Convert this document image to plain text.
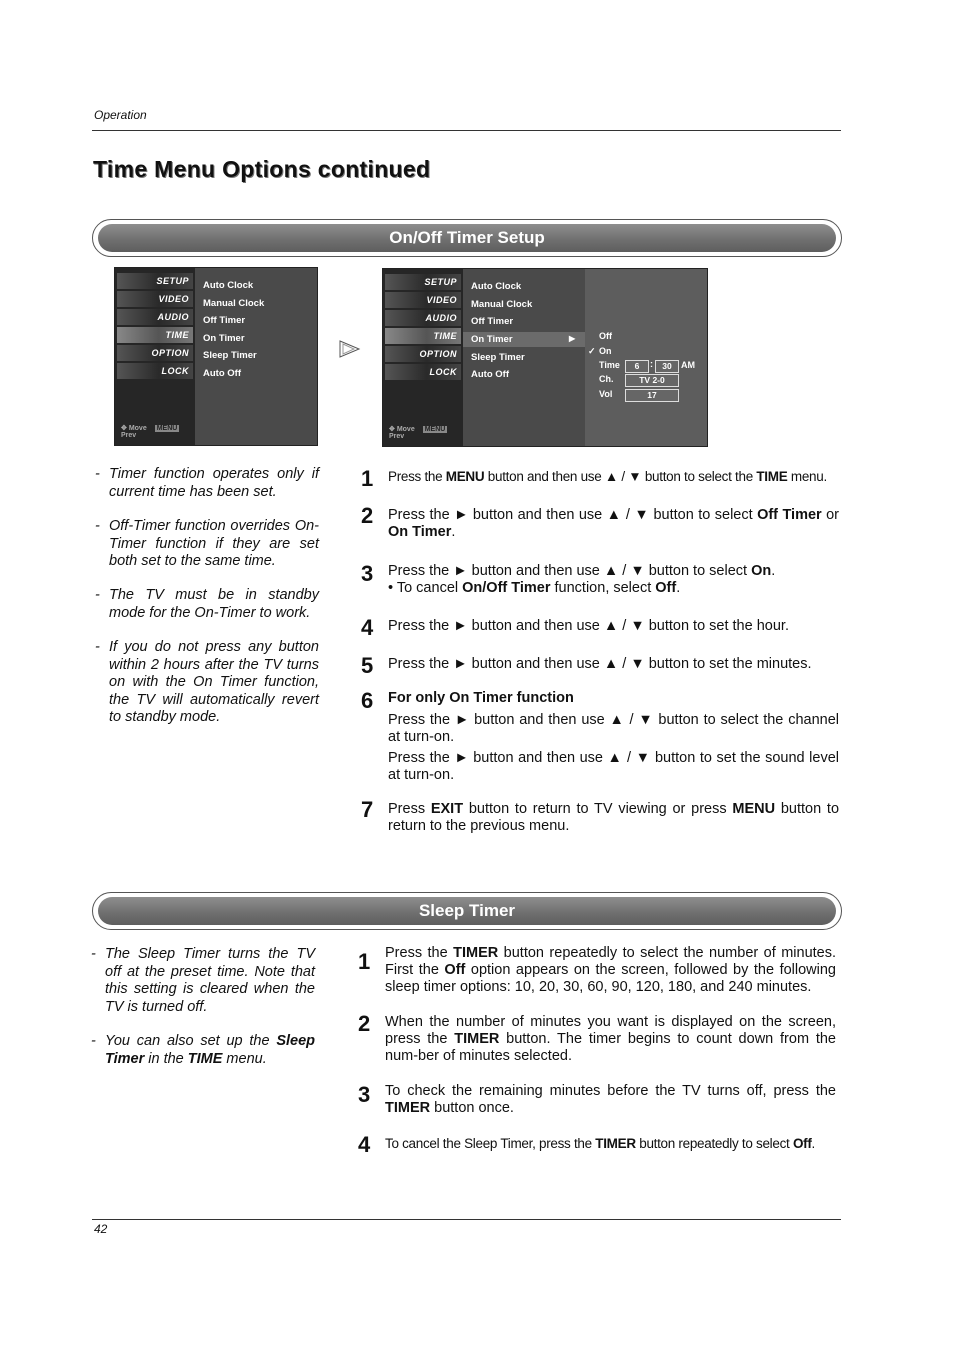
Operation
Time Menu Options continued
On/Off Timer Setup
SETUP
VIDEO
AUDIO
TIME
OPTION
LOCK
✥ Move MENU Prev
Auto Clock
Manual Clock
Off Timer
On Timer
Sleep Timer
Auto Off
SETUP
VIDEO
AUDIO
TIME
OPTION
LOCK
✥ Move MENU Prev
Auto Clock
Manual Clock
Off Timer
On Timer	▶
Sleep Timer
Auto Off
Off
✓ On
Time	6	:	30	AM
Ch.	TV 2-0
Vol	17
- Timer function operates only if current time has been set.
- Off-Timer function overrides On-Timer function if they are set both set to the same time.
- The TV must be in standby mode for the On-Timer to work.
- If you do not press any button within 2 hours after the TV turns on with the On Timer function, the TV will automatically revert to standby mode.
1 Press the MENU button and then use ▲ / ▼ button to select the TIME menu.
2 Press the ► button and then use ▲ / ▼ button to select Off Timer or On Timer.
3 Press the ► button and then use ▲ / ▼ button to select On.
• To cancel On/Off Timer function, select Off.
4 Press the ► button and then use ▲ / ▼ button to set the hour.
5 Press the ► button and then use ▲ / ▼ button to set the minutes.
6 For only On Timer function
Press the ► button and then use ▲ / ▼ button to select the channel at turn-on.
Press the ► button and then use ▲ / ▼ button to set the sound level at turn-on.
7 Press EXIT button to return to TV viewing or press MENU button to return to the previous menu.
Sleep Timer
- The Sleep Timer turns the TV off at the preset time. Note that this setting is cleared when the TV is turned off.
- You can also set up the Sleep Timer in the TIME menu.
1 Press the TIMER button repeatedly to select the number of minutes. First the Off option appears on the screen, followed by the following sleep timer options: 10, 20, 30, 60, 90, 120, 180, and 240 minutes.
2 When the number of minutes you want is displayed on the screen, press the TIMER button. The timer begins to count down from the num-ber of minutes selected.
3 To check the remaining minutes before the TV turns off, press the TIMER button once.
4 To cancel the Sleep Timer, press the TIMER button repeatedly to select Off.
42
